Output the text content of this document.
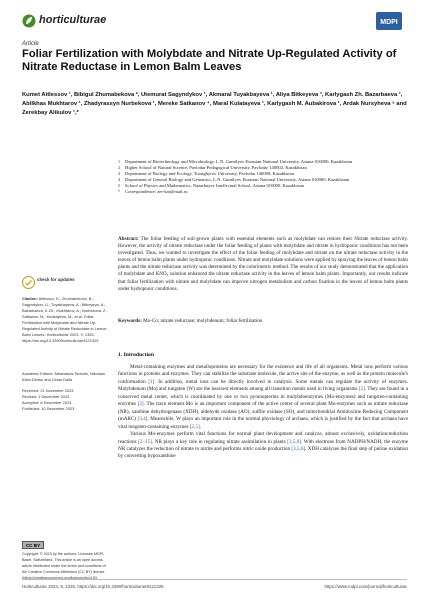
horticulturae	MDPI
Article
Foliar Fertilization with Molybdate and Nitrate Up-Regulated Activity of Nitrate Reductase in Lemon Balm Leaves
Kumet Aitlessov ¹, Bibigul Zhumabekova ², Utemurat Sagyndykov ¹, Akmaral Tuyakbayeva ¹, Aliya Bitkeyeva ³, Karlygash Zh. Bazarbaeva ¹, Abilkhas Mukhtarov ¹, Zhadyrassyn Nurbekova ¹, Mereke Satkanov ⁴, Maral Kulatayeva ¹, Karlygash M. Aubakirova ¹, Ardak Nursyheva ⁵ and Zerekbay Alikulov ¹,*
1 Department of Biotechnology and Microbiology, L.N. Gumilyov Eurasian National University, Astana 010000, Kazakhstan
2 Higher School of Natural Science, Pavlodar Pedagogical University, Pavlodar 140002, Kazakhstan
3 Department of Biology and Ecology, Toraighyrov University, Pavlodar 140008, Kazakhstan
4 Department of General Biology and Genomics, L.N. Gumilyov Eurasian National University, Astana 010000, Kazakhstan
5 School of Physics and Mathematics, Nazarbayev Intellectual School, Astana 010000, Kazakhstan
* Correspondence: zer-kar@mail.ru
Abstract: The foliar feeding of soil-grown plants with essential elements such as molybdate can restore their Nitrate reductase activity. However, the activity of nitrate reductase under the foliar feeding of plants with molybdate and nitrate in hydroponic conditions has not been investigated. Thus, we wanted to investigate the effect of the foliar feeding of molybdate and nitrate on the nitrate reductase activity in the leaves of lemon balm plants under hydroponic conditions. Nitrate and molybdate solutions were applied by spraying the leaves of lemon balm plants and the nitrate reductase activity was determined by the colorimetric method. The results of our study demonstrated that the application of molybdate and KNO₃ solution enhanced the nitrate reductase activity in the leaves of lemon balm plants. Importantly, our results indicate that foliar fertilization with nitrate and molybdate can improve nitrogen metabolism and carbon fixation in the leaves of lemon balm plants under hydroponic conditions.
Keywords: Mo-Co; nitrate reductase; molybdenum; foliar fertilization
check for updates
Citation: Aitlessov, K.; Zhumabekova, B.; Sagyndykov, U.; Tuyakbayeva, A.; Bitkeyeva, A.; Bazarbaeva, K.Zh.; Mukhtarov, A.; Nurbekova, Z.; Satkanov, M.; Kulatayeva, M.; et al. Foliar Fertilization with Molybdate and Nitrate Up-Regulated Activity of Nitrate Reductase in Lemon Balm Leaves. Horticulturae 2023, 9, 1325. https://doi.org/10.3390/horticulturae9121325
Academic Editors: Athanasios Tsoforis, Nikolaos Kleio-Dimou and Cesar Dalla
Received: 21 November 2023
Revised: 1 December 2023
Accepted: 8 December 2023
Published: 10 December 2023
CC BY
Copyright: © 2023 by the authors. Licensee MDPI, Basel, Switzerland. This article is an open access article distributed under the terms and conditions of the Creative Commons Attribution (CC BY) license (https://creativecommons.org/licenses/by/4.0/).
1. Introduction

Metal-containing enzymes and metalloproteins are necessary for the existence and life of all organisms. Metal ions perform various functions in proteins and enzymes. They can stabilize the substrate molecule, the active site of the enzyme, as well as the protein molecule's conformation [1]. In addition, metal ions can be directly involved in catalysis. Some metals can regulate the activity of enzymes. Molybdenum (Mo) and tungsten (W) are the heaviest elements among all transition metals used in living organisms [2]. They are found in a conserved metal center, which is coordinated by one or two pyranopterins in molybdoenzymes (Mo-enzymes) and tungsten-containing enzymes [2]. The trace element Mo is an important component of the active center of several plant Mo-enzymes such as nitrate reductase (NR), xanthine dehydrogenase (XDH), aldehyde oxidase (AO), sulfite oxidase (SO), and mitochondrial Amidoxime Reducing Component (mARC) [3,4]. Meanwhile, W plays an important role in the normal physiology of archaea, which is justified by the fact that archaea have vital tungsten-containing enzymes [2,5].

Various Mo-enzymes perform vital functions for normal plant development and catalyze, almost exclusively, oxidation/reduction reactions [2–15]. NR plays a key role in regulating nitrate assimilation in plants [3,5,6]. With electrons from NADPH/NADH, the enzyme NR catalyzes the reduction of nitrate to nitrite and performs nitric oxide production [3,5,6]. XDH catalyzes the final step of purine oxidation by converting hypoxanthine

Horticulturae 2023, 9, 1325. https://doi.org/10.3390/horticulturae9121325	https://www.mdpi.com/journal/horticulturae
